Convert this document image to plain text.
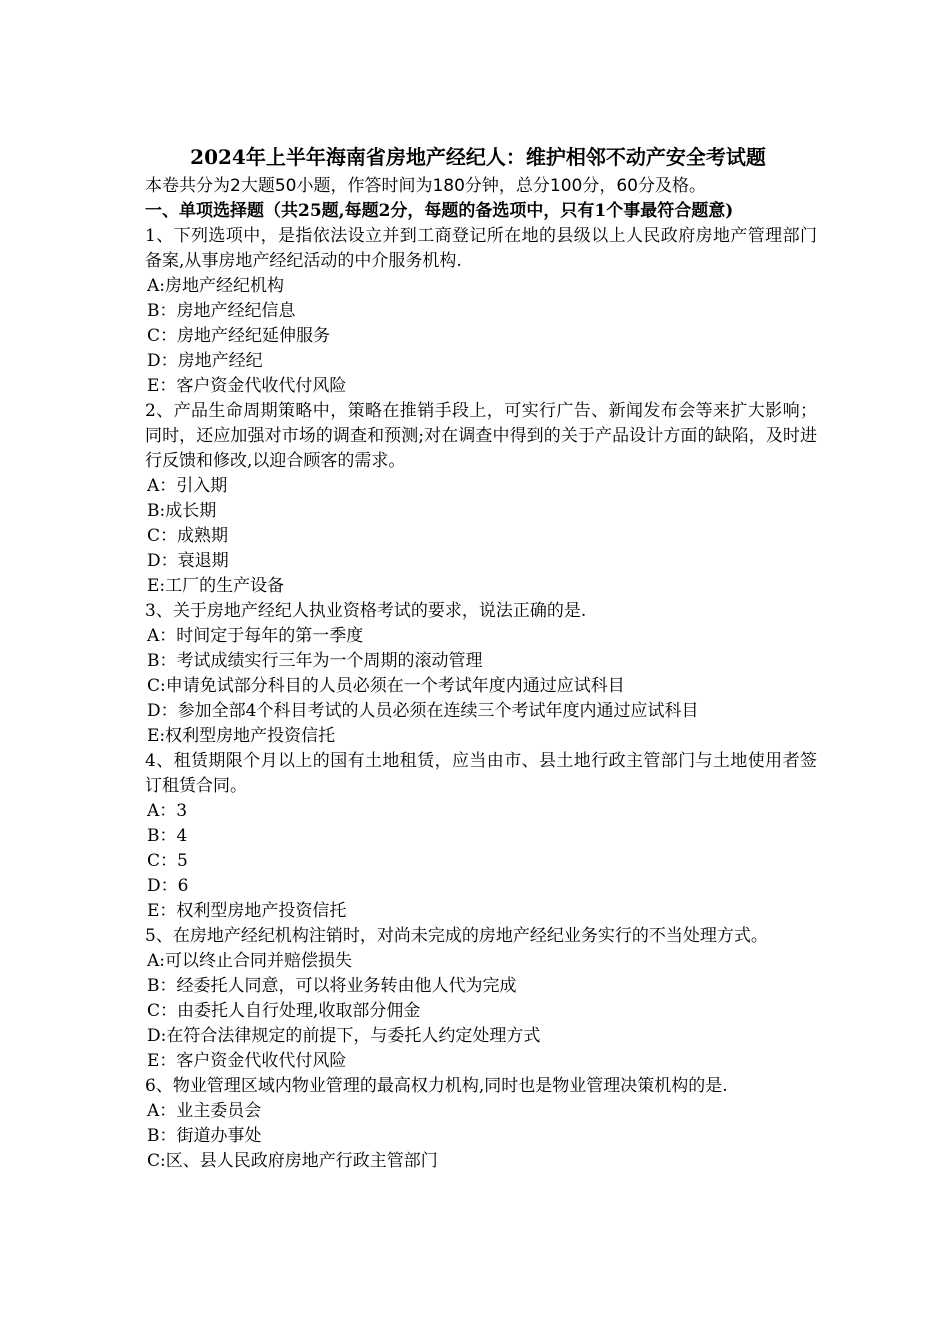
2024年上半年海南省房地产经纪人：维护相邻不动产安全考试题
本卷共分为2大题50小题，作答时间为180分钟，总分100分，60分及格。
一、单项选择题（共25题,每题2分，每题的备选项中，只有1个事最符合题意)
1、下列选项中，是指依法设立并到工商登记所在地的县级以上人民政府房地产管理部门备案,从事房地产经纪活动的中介服务机构.
A:房地产经纪机构
B：房地产经纪信息
C：房地产经纪延伸服务
D：房地产经纪
E：客户资金代收代付风险
2、产品生命周期策略中，策略在推销手段上，可实行广告、新闻发布会等来扩大影响；同时，还应加强对市场的调查和预测;对在调查中得到的关于产品设计方面的缺陷，及时进行反馈和修改,以迎合顾客的需求。
A：引入期
B:成长期
C：成熟期
D：衰退期
E:工厂的生产设备
3、关于房地产经纪人执业资格考试的要求，说法正确的是.
A：时间定于每年的第一季度
B：考试成绩实行三年为一个周期的滚动管理
C:申请免试部分科目的人员必须在一个考试年度内通过应试科目
D：参加全部4个科目考试的人员必须在连续三个考试年度内通过应试科目
E:权利型房地产投资信托
4、租赁期限个月以上的国有土地租赁，应当由市、县土地行政主管部门与土地使用者签订租赁合同。
A：3
B：4
C：5
D：6
E：权利型房地产投资信托
5、在房地产经纪机构注销时，对尚未完成的房地产经纪业务实行的不当处理方式。
A:可以终止合同并赔偿损失
B：经委托人同意，可以将业务转由他人代为完成
C：由委托人自行处理,收取部分佣金
D:在符合法律规定的前提下，与委托人约定处理方式
E：客户资金代收代付风险
6、物业管理区域内物业管理的最高权力机构,同时也是物业管理决策机构的是.
A：业主委员会
B：街道办事处
C:区、县人民政府房地产行政主管部门
